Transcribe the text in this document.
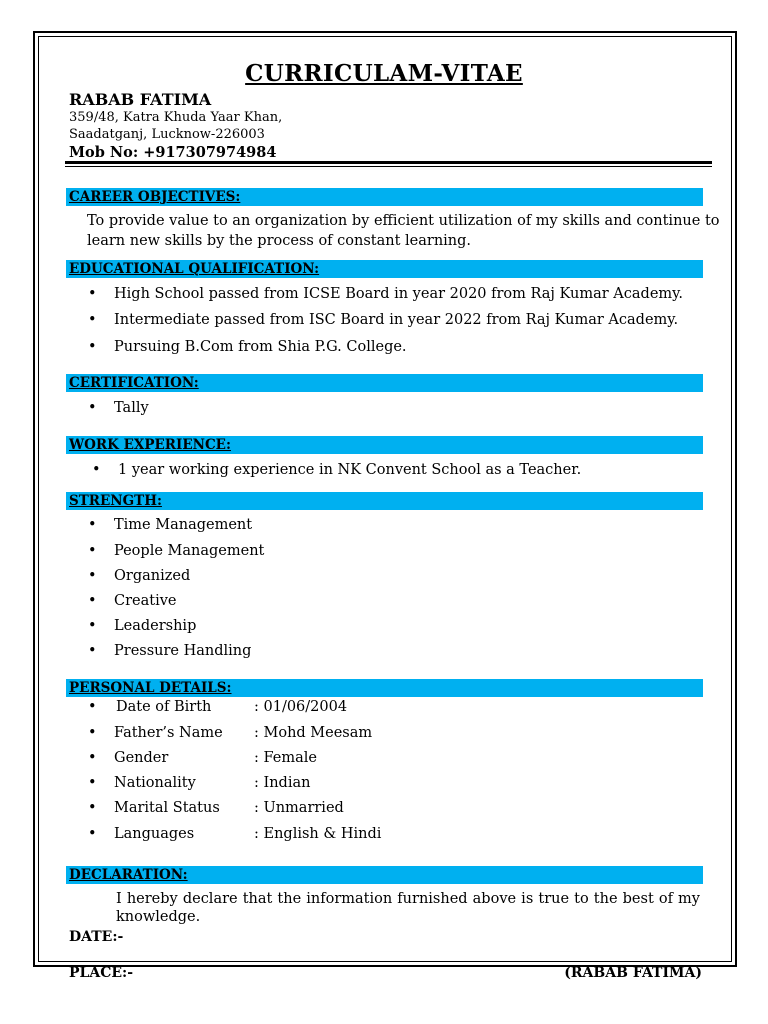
CURRICULAM-VITAE
RABAB FATIMA
359/48, Katra Khuda Yaar Khan,
Saadatganj, Lucknow-226003
Mob No: +917307974984
CAREER OBJECTIVES:
To provide value to an organization by efficient utilization of my skills and continue to
learn new skills by the process of constant learning.
EDUCATIONAL QUALIFICATION:
• High School passed from ICSE Board in year 2020 from Raj Kumar Academy.
• Intermediate passed from ISC Board in year 2022 from Raj Kumar Academy.
• Pursuing B.Com from Shia P.G. College.
CERTIFICATION:
• Tally
WORK EXPERIENCE:
• 1 year working experience in NK Convent School as a Teacher.
STRENGTH:
• Time Management
• People Management
• Organized
• Creative
• Leadership
• Pressure Handling
PERSONAL DETAILS:
• Date of Birth	: 01/06/2004
• Father’s Name : Mohd Meesam
• Gender	: Female
• Nationality	: Indian
• Marital Status : Unmarried
• Languages	: English & Hindi
DECLARATION:
I hereby declare that the information furnished above is true to the best of my
knowledge.
DATE:-
PLACE:-	(RABAB FATIMA)
